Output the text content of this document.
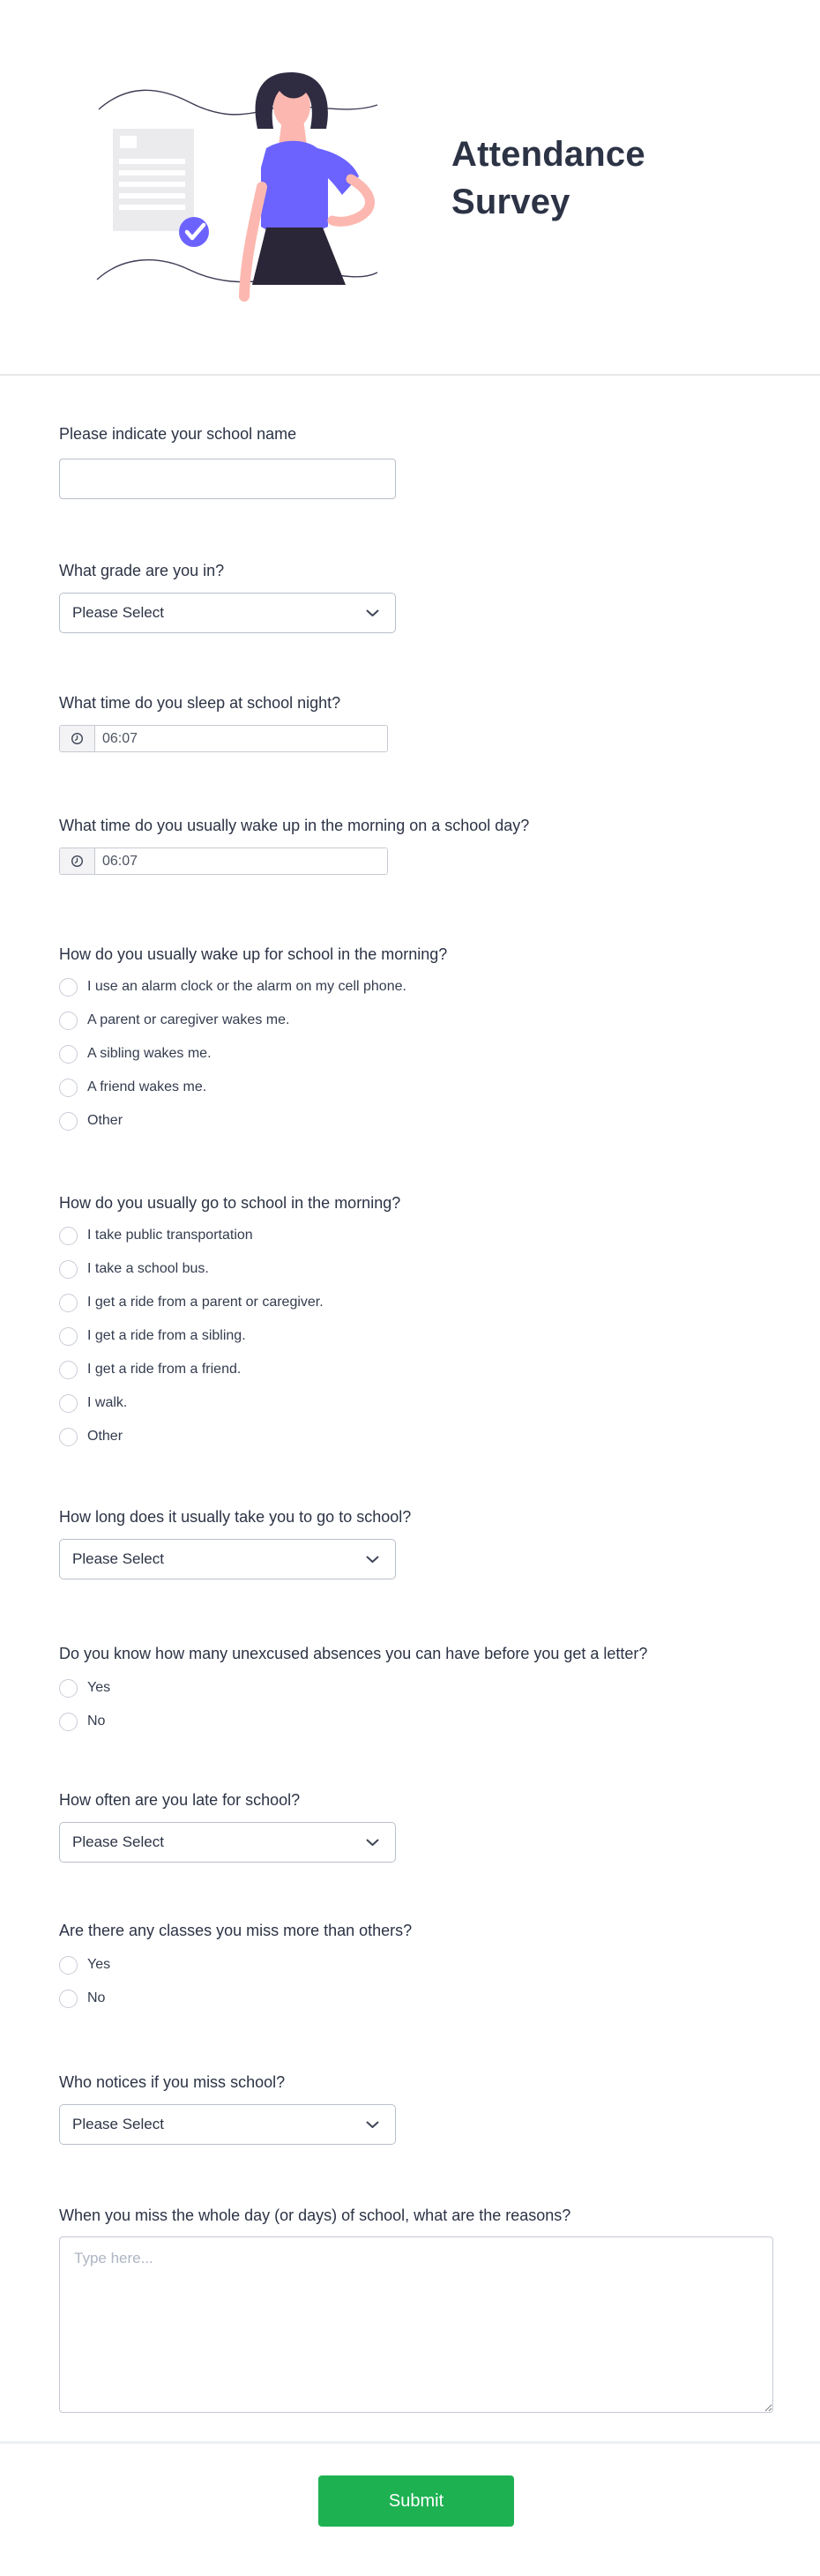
Attendance
Survey
Please indicate your school name
What grade are you in?
Please Select
What time do you sleep at school night?
06:07
What time do you usually wake up in the morning on a school day?
06:07
How do you usually wake up for school in the morning?
I use an alarm clock or the alarm on my cell phone.
A parent or caregiver wakes me.
A sibling wakes me.
A friend wakes me.
Other
How do you usually go to school in the morning?
I take public transportation
I take a school bus.
I get a ride from a parent or caregiver.
I get a ride from a sibling.
I get a ride from a friend.
I walk.
Other
How long does it usually take you to go to school?
Please Select
Do you know how many unexcused absences you can have before you get a letter?
Yes
No
How often are you late for school?
Please Select
Are there any classes you miss more than others?
Yes
No
Who notices if you miss school?
Please Select
When you miss the whole day (or days) of school, what are the reasons?
Type here...
Submit
